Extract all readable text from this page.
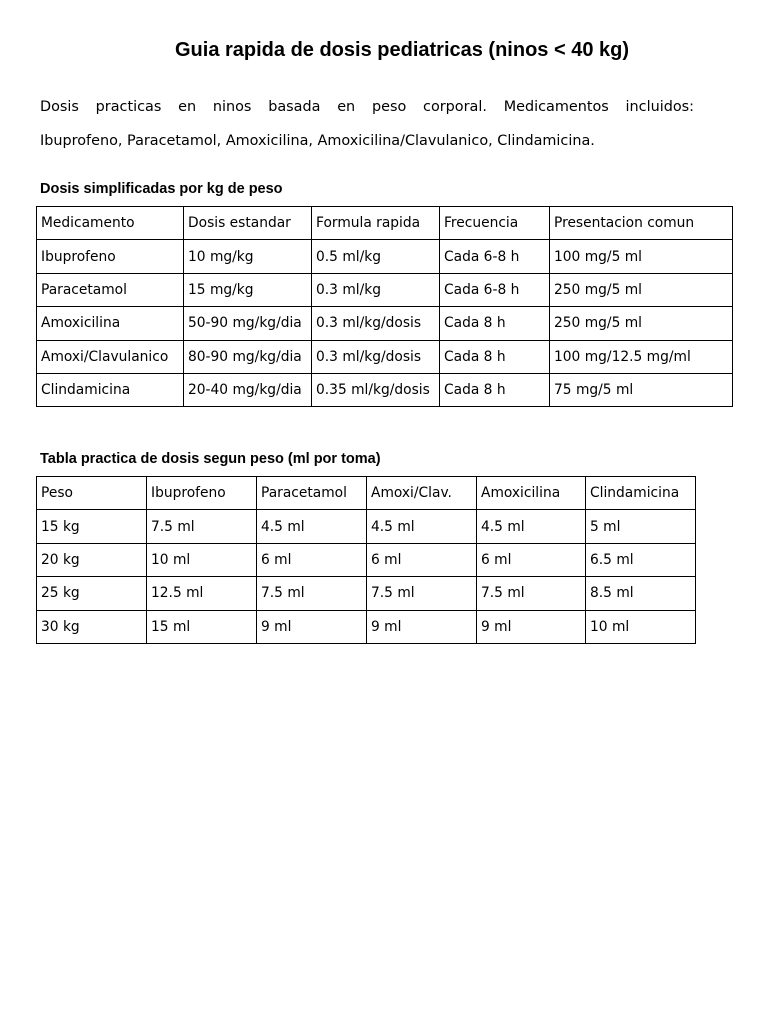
Guia rapida de dosis pediatricas (ninos < 40 kg)
Dosis practicas en ninos basada en peso corporal. Medicamentos incluidos:
Ibuprofeno, Paracetamol, Amoxicilina, Amoxicilina/Clavulanico, Clindamicina.
Dosis simplificadas por kg de peso
Medicamento	Dosis estandar	Formula rapida	Frecuencia	Presentacion comun
Ibuprofeno	10 mg/kg	0.5 ml/kg	Cada 6-8 h	100 mg/5 ml
Paracetamol	15 mg/kg	0.3 ml/kg	Cada 6-8 h	250 mg/5 ml
Amoxicilina	50-90 mg/kg/dia	0.3 ml/kg/dosis	Cada 8 h	250 mg/5 ml
Amoxi/Clavulanico	80-90 mg/kg/dia	0.3 ml/kg/dosis	Cada 8 h	100 mg/12.5 mg/ml
Clindamicina	20-40 mg/kg/dia	0.35 ml/kg/dosis	Cada 8 h	75 mg/5 ml
Tabla practica de dosis segun peso (ml por toma)
Peso	Ibuprofeno	Paracetamol	Amoxi/Clav.	Amoxicilina	Clindamicina
15 kg	7.5 ml	4.5 ml	4.5 ml	4.5 ml	5 ml
20 kg	10 ml	6 ml	6 ml	6 ml	6.5 ml
25 kg	12.5 ml	7.5 ml	7.5 ml	7.5 ml	8.5 ml
30 kg	15 ml	9 ml	9 ml	9 ml	10 ml
